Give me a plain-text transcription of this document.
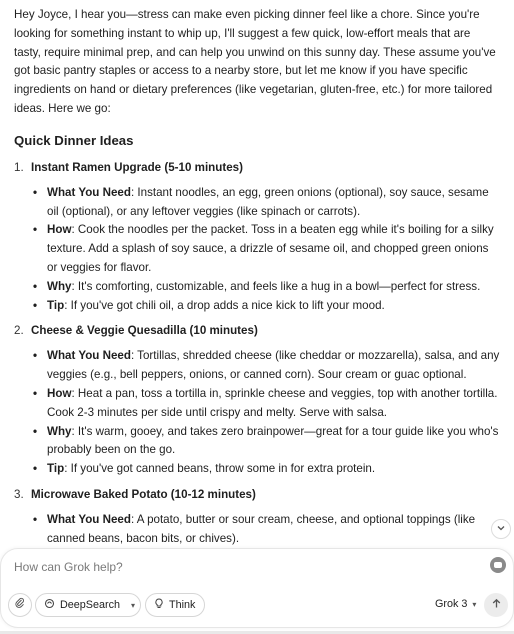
Hey Joyce, I hear you—stress can make even picking dinner feel like a chore. Since you're looking for something instant to whip up, I'll suggest a few quick, low-effort meals that are tasty, require minimal prep, and can help you unwind on this sunny day. These assume you've got basic pantry staples or access to a nearby store, but let me know if you have specific ingredients on hand or dietary preferences (like vegetarian, gluten-free, etc.) for more tailored ideas. Here we go:

Quick Dinner Ideas
1. Instant Ramen Upgrade (5-10 minutes)
• What You Need: Instant noodles, an egg, green onions (optional), soy sauce, sesame oil (optional), or any leftover veggies (like spinach or carrots).
• How: Cook the noodles per the packet. Toss in a beaten egg while it's boiling for a silky texture. Add a splash of soy sauce, a drizzle of sesame oil, and chopped green onions or veggies for flavor.
• Why: It's comforting, customizable, and feels like a hug in a bowl—perfect for stress.
• Tip: If you've got chili oil, a drop adds a nice kick to lift your mood.
2. Cheese & Veggie Quesadilla (10 minutes)
• What You Need: Tortillas, shredded cheese (like cheddar or mozzarella), salsa, and any veggies (e.g., bell peppers, onions, or canned corn). Sour cream or guac optional.
• How: Heat a pan, toss a tortilla in, sprinkle cheese and veggies, top with another tortilla. Cook 2-3 minutes per side until crispy and melty. Serve with salsa.
• Why: It's warm, gooey, and takes zero brainpower—great for a tour guide like you who's probably been on the go.
• Tip: If you've got canned beans, throw some in for extra protein.
3. Microwave Baked Potato (10-12 minutes)
• What You Need: A potato, butter or sour cream, cheese, and optional toppings (like canned beans, bacon bits, or chives).
How can Grok help?
DeepSearch ▾	Think	Grok 3 ▾
